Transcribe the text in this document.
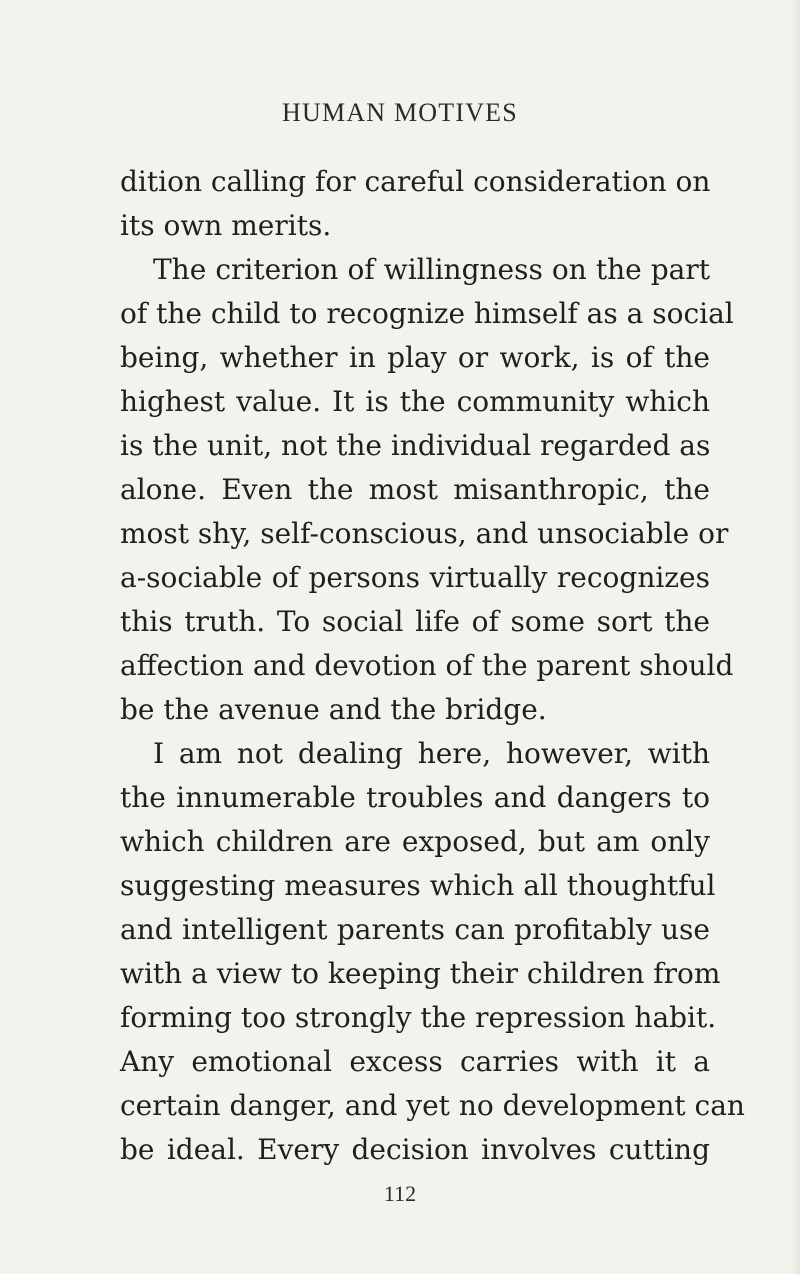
HUMAN MOTIVES
dition calling for careful consideration on
its own merits.
The criterion of willingness on the part
of the child to recognize himself as a social
being, whether in play or work, is of the
highest value. It is the community which
is the unit, not the individual regarded as
alone. Even the most misanthropic, the
most shy, self-conscious, and unsociable or
a-sociable of persons virtually recognizes
this truth. To social life of some sort the
affection and devotion of the parent should
be the avenue and the bridge.
I am not dealing here, however, with
the innumerable troubles and dangers to
which children are exposed, but am only
suggesting measures which all thoughtful
and intelligent parents can profitably use
with a view to keeping their children from
forming too strongly the repression habit.
Any emotional excess carries with it a
certain danger, and yet no development can
be ideal. Every decision involves cutting
112
